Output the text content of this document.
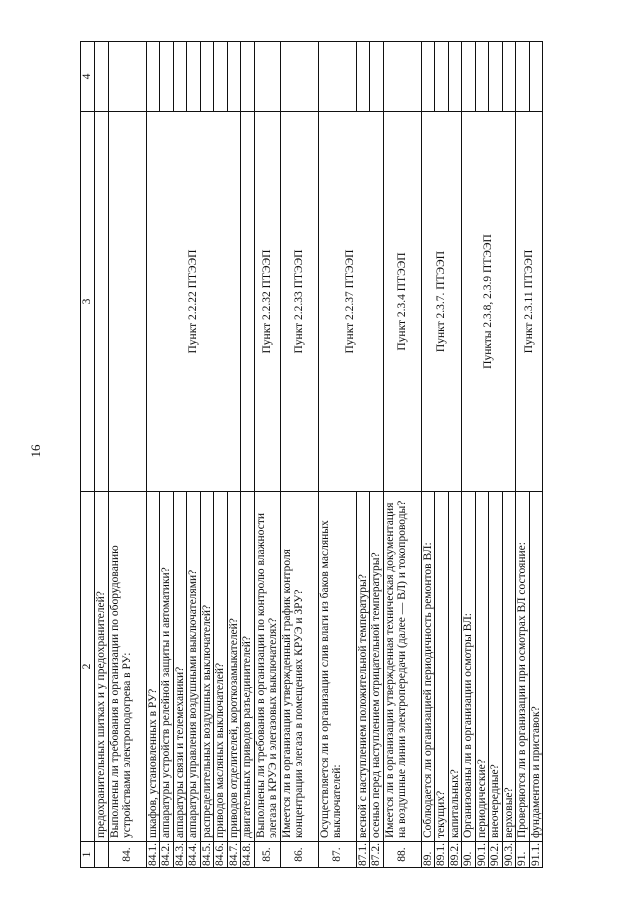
16
1	2	3	4
	предохранительных шитках и у предохранителей?		
84.	Выполнены ли требования в организации по оборудованию устройствами электроподогрева в РУ:		
84.1.	шкафов, установленных в РУ?	Пункт 2.2.22 ПТЭЭП	
84.2.	аппаратуры устройств релейной защиты и автоматики?		
84.3.	аппаратуры связи и телемеханики?		
84.4.	аппаратуры управления воздушными выключателями?		
84.5.	распределительных воздушных выключателей?		
84.6.	приводов масляных выключателей?		
84.7.	приводов отделителей, короткозамыкателей?		
84.8.	двигательных приводов разъединителей?		
85.	Выполнены ли требования в организации по контролю влажности элегаза в КРУЭ и элегазовых выключателях?	Пункт 2.2.32 ПТЭЭП	
86.	Имеется ли в организации утвержденный график контроля концентрации элегаза в помещениях КРУЭ и ЗРУ?	Пункт 2.2.33 ПТЭЭП	
87.	Осуществляется ли в организации слив влаги из баков масляных выключателей:	Пункт 2.2.37 ПТЭЭП	
87.1.	весной с наступлением положительной температуры?		
87.2.	осенью перед наступлением отрицательной температуры?		
88.	Имеется ли в организации утвержденная техническая документация на воздушные линии электропередачи (далее — ВЛ) и токопроводы?	Пункт 2.3.4 ПТЭЭП	
89.	Соблюдается ли организацией периодичность ремонтов ВЛ:	Пункт 2.3.7. ПТЭЭП	
89.1.	текущих?		
89.2.	капитальных?		
90.	Организованы ли в организации осмотры ВЛ:	Пункты 2.3.8, 2.3.9 ПТЭЭП	
90.1.	периодические?		
90.2.	внеочередные?		
90.3.	верховые?		
91.	Проверяются ли в организации при осмотрах ВЛ состояние:	Пункт 2.3.11 ПТЭЭП	
91.1.	фундаментов и приставок?		
